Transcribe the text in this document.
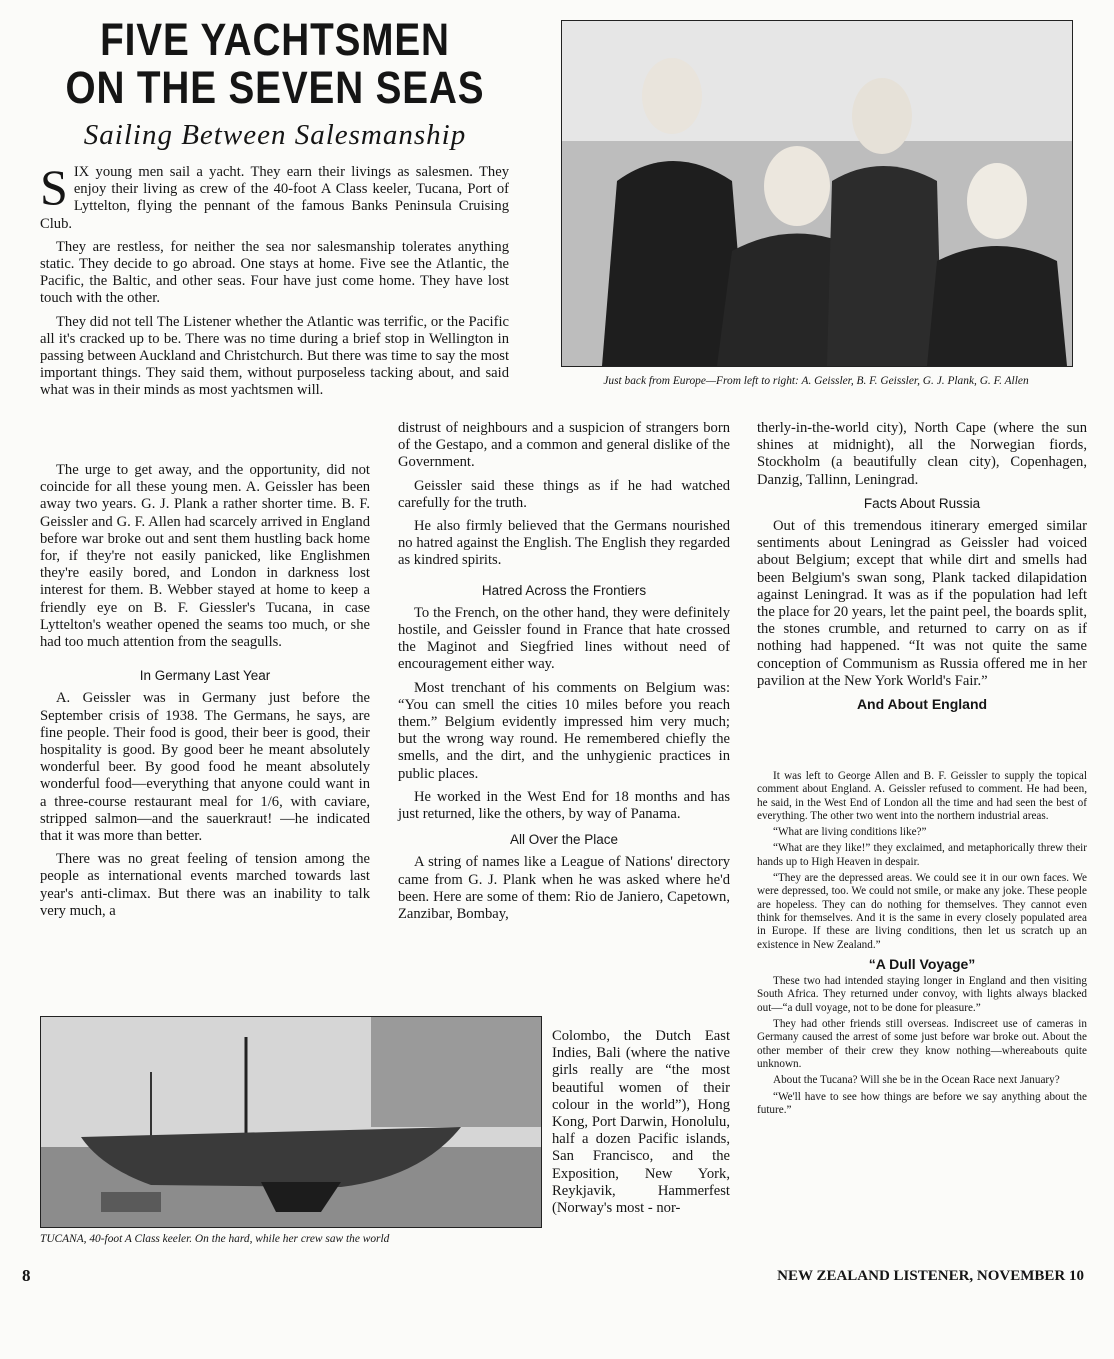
FIVE YACHTSMEN
ON THE SEVEN SEAS
Sailing Between Salesmanship
Just back from Europe—From left to right: A. Geissler, B. F. Geissler, G. J. Plank, G. F. Allen

SIX young men sail a yacht. They earn their livings as salesmen. They enjoy their living as crew of the 40-foot A Class keeler, Tucana, Port of Lyttelton, flying the pennant of the famous Banks Peninsula Cruising Club.

They are restless, for neither the sea nor salesmanship tolerates anything static. They decide to go abroad. One stays at home. Five see the Atlantic, the Pacific, the Baltic, and other seas. Four have just come home. They have lost touch with the other.

They did not tell The Listener whether the Atlantic was terrific, or the Pacific all it's cracked up to be. There was no time during a brief stop in Wellington in passing between Auckland and Christchurch. But there was time to say the most important things. They said them, without purposeless tacking about, and said what was in their minds as most yachtsmen will.

The urge to get away, and the opportunity, did not coincide for all these young men. A. Geissler has been away two years. G. J. Plank a rather shorter time. B. F. Geissler and G. F. Allen had scarcely arrived in England before war broke out and sent them hustling back home for, if they're not easily panicked, like Englishmen they're easily bored, and London in darkness lost interest for them. B. Webber stayed at home to keep a friendly eye on B. F. Giessler's Tucana, in case Lyttelton's weather opened the seams too much, or she had too much attention from the seagulls.

In Germany Last Year

A. Geissler was in Germany just before the September crisis of 1938. The Germans, he says, are fine people. Their food is good, their beer is good, their hospitality is good. By good beer he meant absolutely wonderful beer. By good food he meant absolutely wonderful food—everything that anyone could want in a three-course restaurant meal for 1/6, with caviare, stripped salmon—and the sauerkraut! —he indicated that it was more than better.

There was no great feeling of tension among the people as international events marched towards last year's anti-climax. But there was an inability to talk very much, a

distrust of neighbours and a suspicion of strangers born of the Gestapo, and a common and general dislike of the Government.

Geissler said these things as if he had watched carefully for the truth.

He also firmly believed that the Germans nourished no hatred against the English. The English they regarded as kindred spirits.

Hatred Across the Frontiers

To the French, on the other hand, they were definitely hostile, and Geissler found in France that hate crossed the Maginot and Siegfried lines without need of encouragement either way.

Most trenchant of his comments on Belgium was: “You can smell the cities 10 miles before you reach them.” Belgium evidently impressed him very much; but the wrong way round. He remembered chiefly the smells, and the dirt, and the unhygienic practices in public places.

He worked in the West End for 18 months and has just returned, like the others, by way of Panama.

All Over the Place

A string of names like a League of Nations' directory came from G. J. Plank when he was asked where he'd been. Here are some of them: Rio de Janiero, Capetown, Zanzibar, Bombay,

Colombo, the Dutch East Indies, Bali (where the native girls really are “the most beautiful women of their colour in the world”), Hong Kong, Port Darwin, Honolulu, half a dozen Pacific islands, San Francisco, and the Exposition, New York, Reykjavik, Hammerfest (Norway's most - nor-

TUCANA, 40-foot A Class keeler. On the hard, while her crew saw the world

therly-in-the-world city), North Cape (where the sun shines at midnight), all the Norwegian fiords, Stockholm (a beautifully clean city), Copenhagen, Danzig, Tallinn, Leningrad.

Facts About Russia

Out of this tremendous itinerary emerged similar sentiments about Leningrad as Geissler had voiced about Belgium; except that while dirt and smells had been Belgium's swan song, Plank tacked dilapidation against Leningrad. It was as if the population had left the place for 20 years, let the paint peel, the boards split, the stones crumble, and returned to carry on as if nothing had happened. “It was not quite the same conception of Communism as Russia offered me in her pavilion at the New York World's Fair.”

And About England

It was left to George Allen and B. F. Geissler to supply the topical comment about England. A. Geissler refused to comment. He had been, he said, in the West End of London all the time and had seen the best of everything. The other two went into the northern industrial areas.

“What are living conditions like?”

“What are they like!” they exclaimed, and metaphorically threw their hands up to High Heaven in despair.

“They are the depressed areas. We could see it in our own faces. We were depressed, too. We could not smile, or make any joke. These people are hopeless. They can do nothing for themselves. They cannot even think for themselves. And it is the same in every closely populated area in Europe. If these are living conditions, then let us scratch up an existence in New Zealand.”

“A Dull Voyage”

These two had intended staying longer in England and then visiting South Africa. They returned under convoy, with lights always blacked out—“a dull voyage, not to be done for pleasure.”

They had other friends still overseas. Indiscreet use of cameras in Germany caused the arrest of some just before war broke out. About the other member of their crew they know nothing—whereabouts quite unknown.

About the Tucana? Will she be in the Ocean Race next January?

“We'll have to see how things are before we say anything about the future.”

8	NEW ZEALAND LISTENER, NOVEMBER 10
